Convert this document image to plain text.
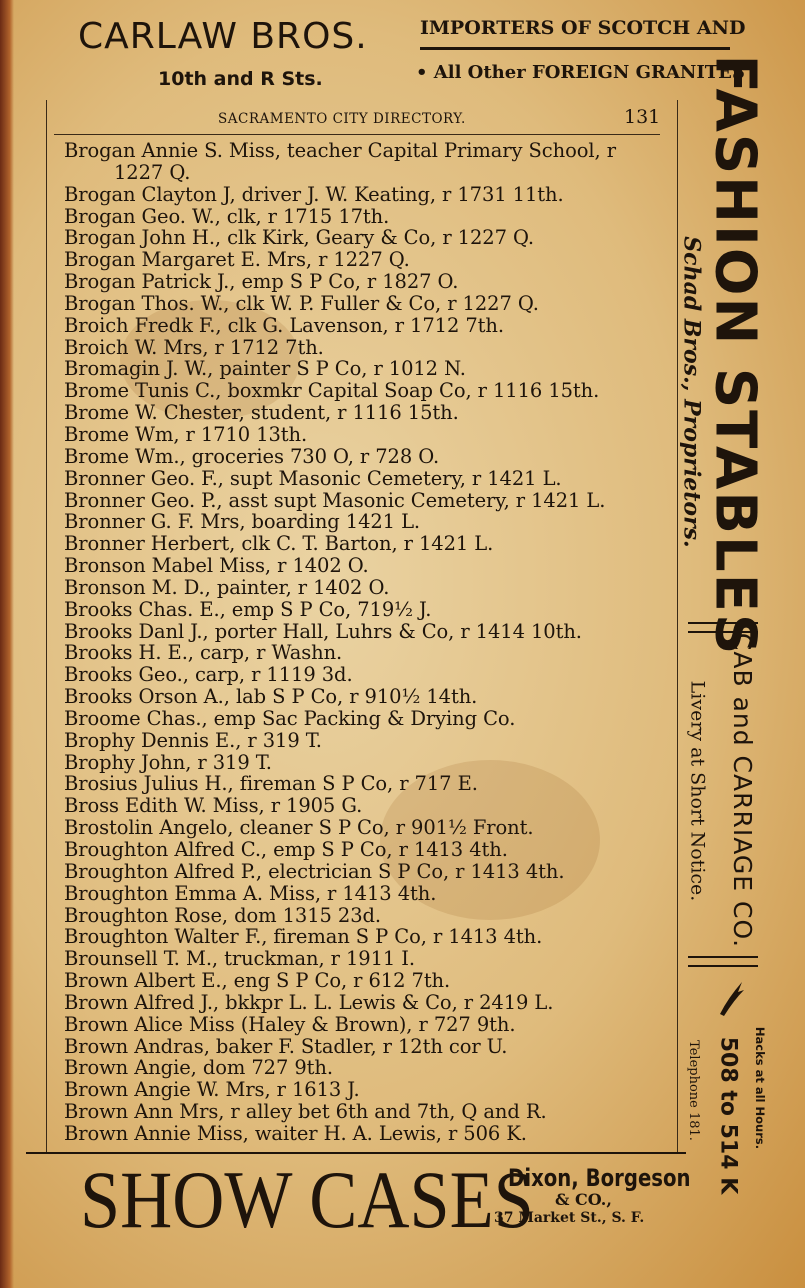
CARLAW BROS.
10th and R Sts.
IMPORTERS OF SCOTCH AND
• All Other FOREIGN GRANITES
SACRAMENTO CITY DIRECTORY.	131
Brogan Annie S. Miss, teacher Capital Primary School, r
1227 Q.
Brogan Clayton J, driver J. W. Keating, r 1731 11th.
Brogan Geo. W., clk, r 1715 17th.
Brogan John H., clk Kirk, Geary & Co, r 1227 Q.
Brogan Margaret E. Mrs, r 1227 Q.
Brogan Patrick J., emp S P Co, r 1827 O.
Brogan Thos. W., clk W. P. Fuller & Co, r 1227 Q.
Broich Fredk F., clk G. Lavenson, r 1712 7th.
Broich W. Mrs, r 1712 7th.
Bromagin J. W., painter S P Co, r 1012 N.
Brome Tunis C., boxmkr Capital Soap Co, r 1116 15th.
Brome W. Chester, student, r 1116 15th.
Brome Wm, r 1710 13th.
Brome Wm., groceries 730 O, r 728 O.
Bronner Geo. F., supt Masonic Cemetery, r 1421 L.
Bronner Geo. P., asst supt Masonic Cemetery, r 1421 L.
Bronner G. F. Mrs, boarding 1421 L.
Bronner Herbert, clk C. T. Barton, r 1421 L.
Bronson Mabel Miss, r 1402 O.
Bronson M. D., painter, r 1402 O.
Brooks Chas. E., emp S P Co, 719½ J.
Brooks Danl J., porter Hall, Luhrs & Co, r 1414 10th.
Brooks H. E., carp, r Washn.
Brooks Geo., carp, r 1119 3d.
Brooks Orson A., lab S P Co, r 910½ 14th.
Broome Chas., emp Sac Packing & Drying Co.
Brophy Dennis E., r 319 T.
Brophy John, r 319 T.
Brosius Julius H., fireman S P Co, r 717 E.
Bross Edith W. Miss, r 1905 G.
Brostolin Angelo, cleaner S P Co, r 901½ Front.
Broughton Alfred C., emp S P Co, r 1413 4th.
Broughton Alfred P., electrician S P Co, r 1413 4th.
Broughton Emma A. Miss, r 1413 4th.
Broughton Rose, dom 1315 23d.
Broughton Walter F., fireman S P Co, r 1413 4th.
Brounsell T. M., truckman, r 1911 I.
Brown Albert E., eng S P Co, r 612 7th.
Brown Alfred J., bkkpr L. L. Lewis & Co, r 2419 L.
Brown Alice Miss (Haley & Brown), r 727 9th.
Brown Andras, baker F. Stadler, r 12th cor U.
Brown Angie, dom 727 9th.
Brown Angie W. Mrs, r 1613 J.
Brown Ann Mrs, r alley bet 6th and 7th, Q and R.
Brown Annie Miss, waiter H. A. Lewis, r 506 K.
FASHION STABLES
Schad Bros., Proprietors.
CAB and CARRIAGE CO.
Livery at Short Notice.
Hacks at all Hours.
508 to 514 K
Telephone 181.
SHOW CASES
Dixon, Borgeson
& CO.,
37 Market St., S. F.
